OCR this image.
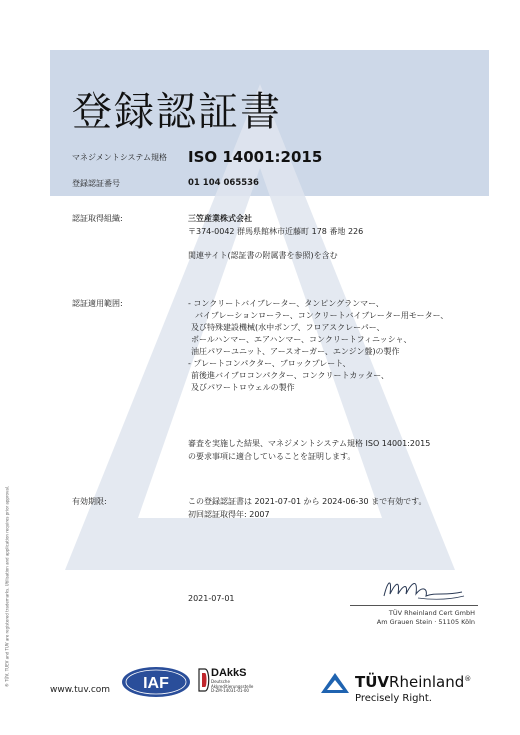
® TÜV, TUEV and TUV are registered trademarks. Utilisation and application requires prior approval.
登録認証書
マネジメントシステム規格 ISO 14001:2015
登録認証番号	01 104 065536
認証取得組織:	三笠産業株式会社
〒374-0042 群馬県館林市近藤町 178 番地 226
関連サイト(認証書の附属書を参照)を含む
認証適用範囲:	- コンクリートバイブレーター、タンピングランマー、
バイブレーションローラー、コンクリートバイブレーター用モーター、
及び特殊建設機械(水中ポンプ、フロアスクレーパー、
ボールハンマー、エアハンマー、コンクリートフィニッシャ、
油圧パワーユニット、アースオーガー、エンジン盤)の製作
- プレートコンパクター、ブロックプレート、
前後進バイブロコンパクター、コンクリートカッター、
及びパワートロウェルの製作
審査を実施した結果、マネジメントシステム規格 ISO 14001:2015
の要求事項に適合していることを証明します。
有効期限:	この登録認証書は 2021-07-01 から 2024-06-30 まで有効です。
初回認証取得年: 2007
2021-07-01
TÜV Rheinland Cert GmbH
Am Grauen Stein · 51105 Köln
www.tuv.com IAF
DAkkS
Deutsche
Akkreditierungsstelle
D-ZM-14031-01-00	TÜVRheinland®
Precisely Right.
